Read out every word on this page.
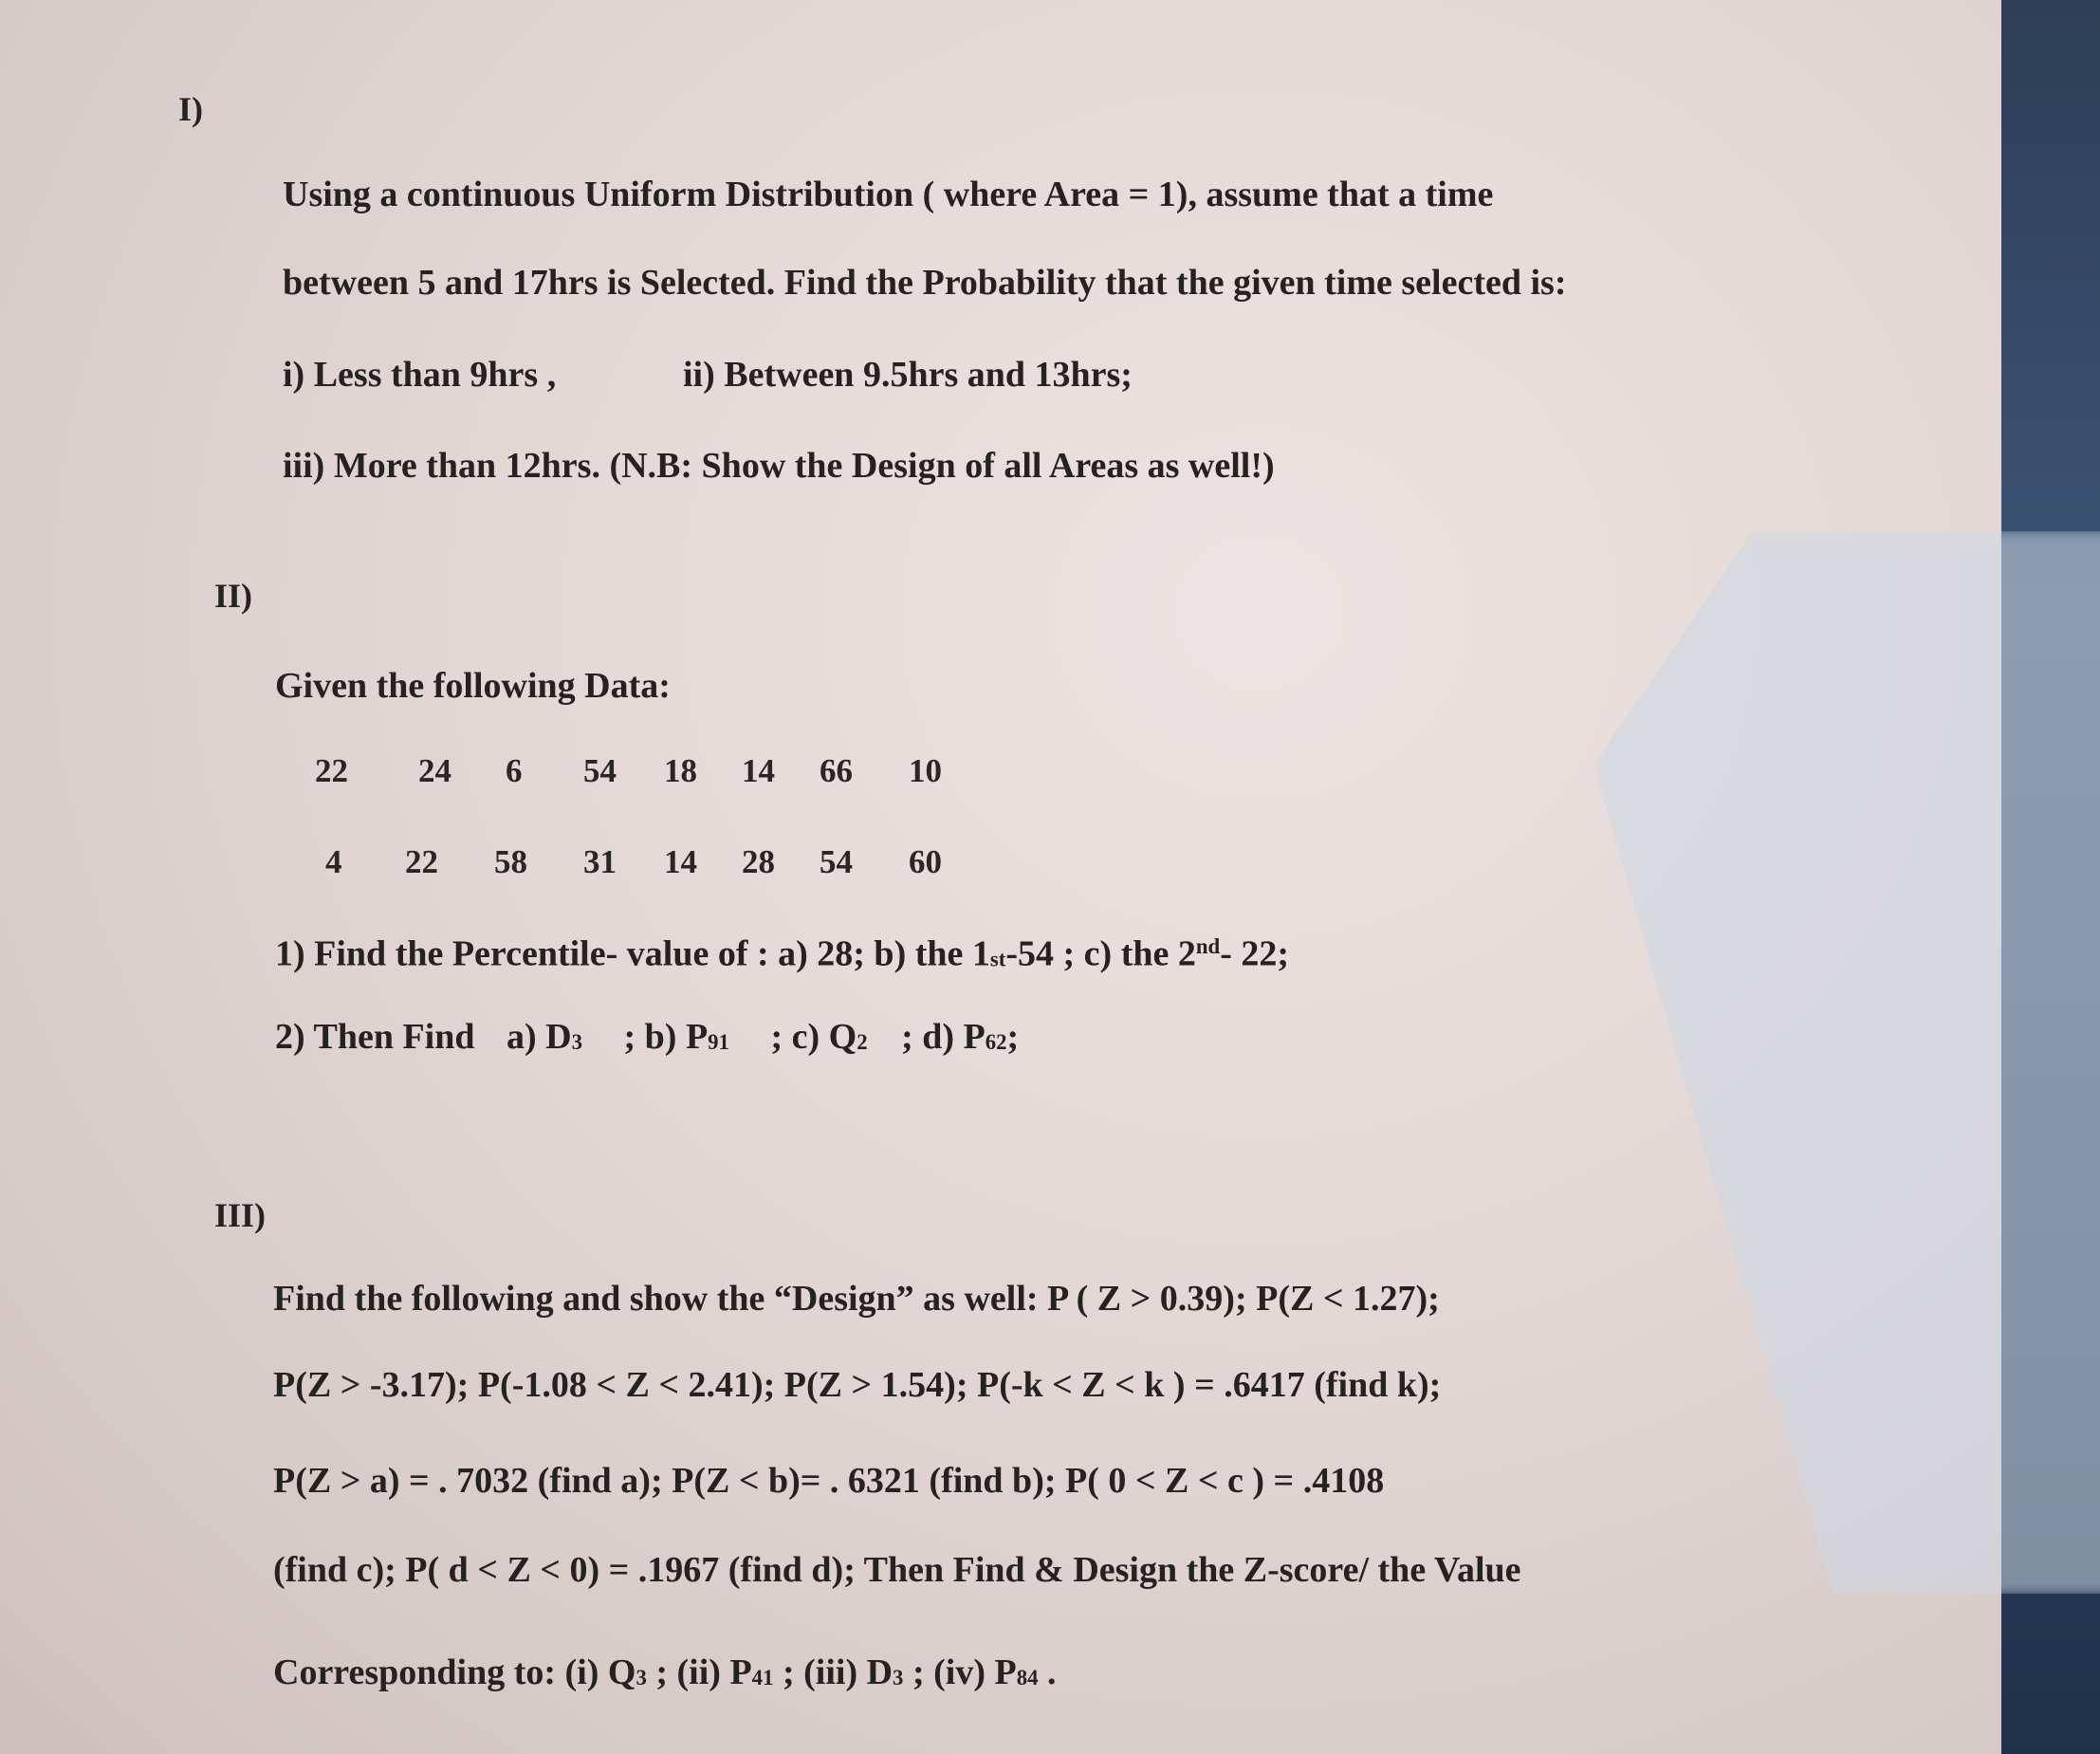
I)
Using a continuous Uniform Distribution ( where Area = 1), assume that a time
between 5 and 17hrs is Selected. Find the Probability that the given time selected is:
i) Less than 9hrs ,	ii) Between 9.5hrs and 13hrs;
iii) More than 12hrs. (N.B: Show the Design of all Areas as well!)
II)
Given the following Data:
22 24 6 54 18 14 66 10
4 22 58 31 14 28 54 60
1) Find the Percentile- value of : a) 28; b) the $1_{st}-54$ ; c) the 2nd- 22;
2) Then Find a) $D_3$ ; b) $P_{91}$ ; c) $Q_2$ ; d) $P_{62}$;
III)
Find the following and show the “Design” as well: P ( Z > 0.39); P(Z < 1.27);
P(Z > -3.17); P(-1.08 < Z < 2.41); P(Z > 1.54); P(-k < Z < k ) = .6417 (find k);
P(Z > a) = . 7032 (find a); P(Z < b)= . 6321 (find b); P( 0 < Z < c ) = .4108
(find c); P( d < Z < 0) = .1967 (find d); Then Find & Design the Z-score/ the Value
Corresponding to: (i) $Q_3$ ; (ii) $P_{41}$ ; (iii) $D_3$ ; (iv) $P_{84}$ .
